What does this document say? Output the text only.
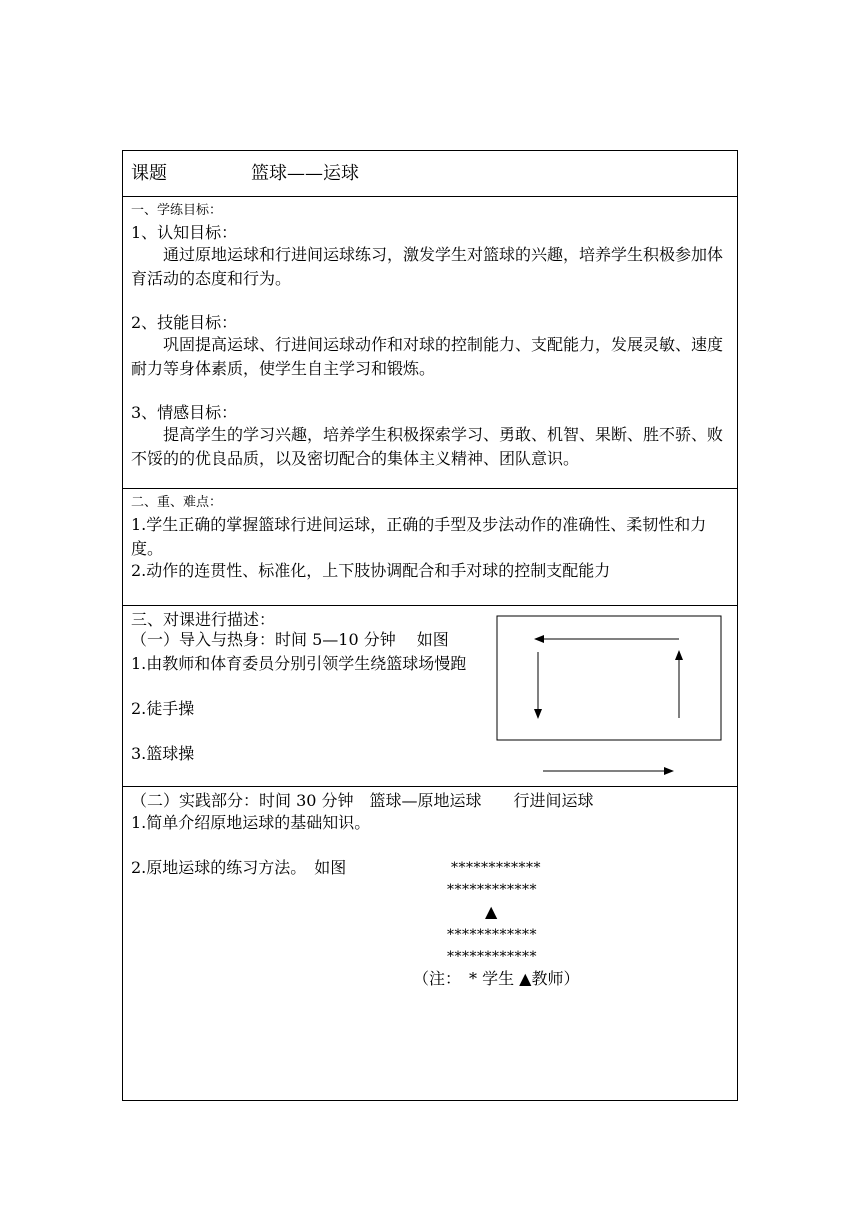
课题	篮球——运球
一、学练目标：
1、认知目标：
通过原地运球和行进间运球练习，激发学生对篮球的兴趣，培养学生积极参加体育活动的态度和行为。
2、技能目标：
巩固提高运球、行进间运球动作和对球的控制能力、支配能力，发展灵敏、速度耐力等身体素质，使学生自主学习和锻炼。
3、情感目标：
提高学生的学习兴趣，培养学生积极探索学习、勇敢、机智、果断、胜不骄、败不馁的的优良品质，以及密切配合的集体主义精神、团队意识。
二、重、难点：
1.学生正确的掌握篮球行进间运球，正确的手型及步法动作的准确性、柔韧性和力度。
2.动作的连贯性、标准化，上下肢协调配合和手对球的控制支配能力
三、对课进行描述：
（一）导入与热身：时间 5—10 分钟　 如图
1.由教师和体育委员分别引领学生绕篮球场慢跑
2.徒手操
3.篮球操
（二）实践部分：时间 30 分钟　篮球—原地运球　　行进间运球
1.简单介绍原地运球的基础知识。
2.原地运球的练习方法。　如图	************
************
▲
************
************
（注：　* 学生 ▲教师）
